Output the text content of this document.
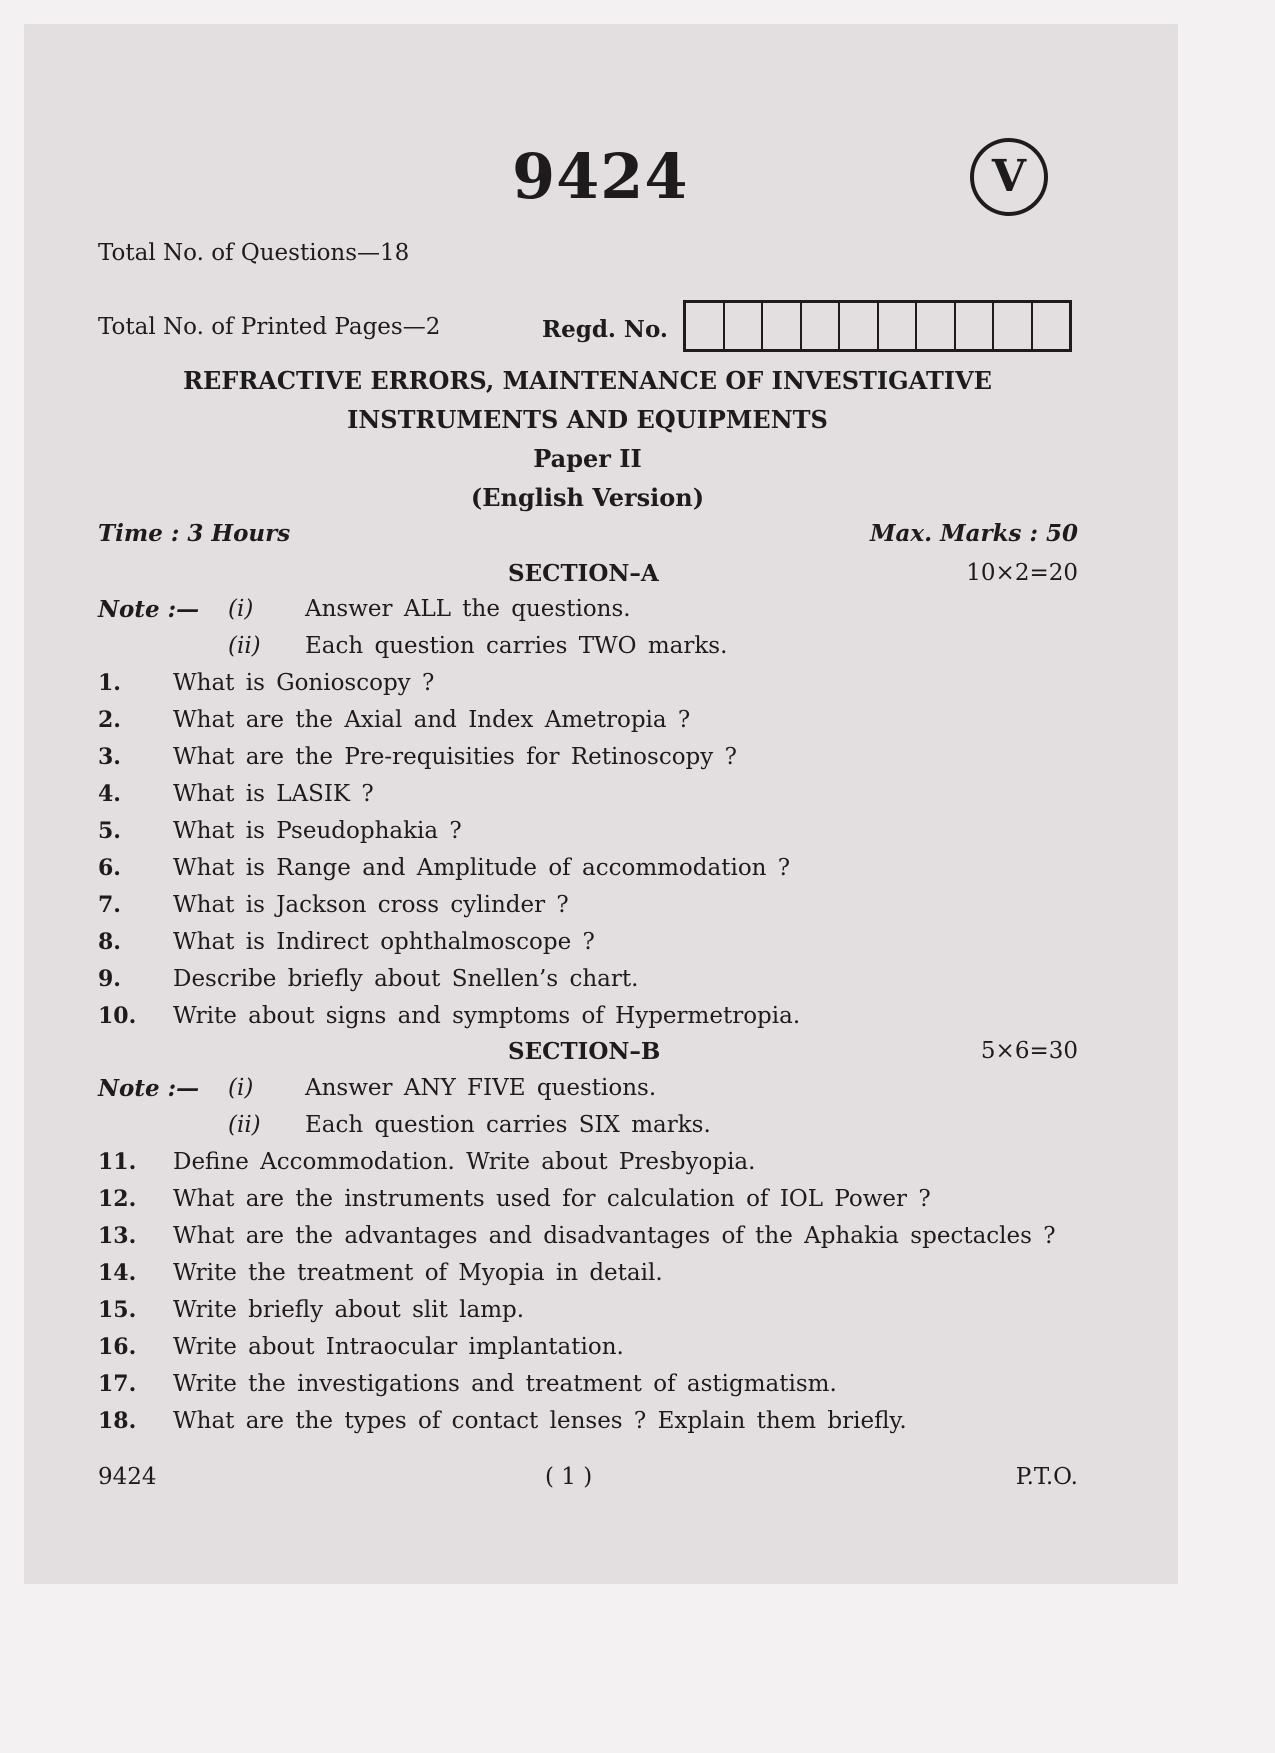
9424	V
Total No. of Questions—18
Total No. of Printed Pages—2	Regd. No.
REFRACTIVE ERRORS, MAINTENANCE OF INVESTIGATIVE
INSTRUMENTS AND EQUIPMENTS
Paper II
(English Version)
Time : 3 Hours	Max. Marks : 50
SECTION–A	10×2=20
Note :— (i) Answer ALL the questions.
(ii) Each question carries TWO marks.
1. What is Gonioscopy ?
2. What are the Axial and Index Ametropia ?
3. What are the Pre-requisities for Retinoscopy ?
4. What is LASIK ?
5. What is Pseudophakia ?
6. What is Range and Amplitude of accommodation ?
7. What is Jackson cross cylinder ?
8. What is Indirect ophthalmoscope ?
9. Describe briefly about Snellen’s chart.
10. Write about signs and symptoms of Hypermetropia.
SECTION–B	5×6=30
Note :— (i) Answer ANY FIVE questions.
(ii) Each question carries SIX marks.
11. Define Accommodation. Write about Presbyopia.
12. What are the instruments used for calculation of IOL Power ?
13. What are the advantages and disadvantages of the Aphakia spectacles ?
14. Write the treatment of Myopia in detail.
15. Write briefly about slit lamp.
16. Write about Intraocular implantation.
17. Write the investigations and treatment of astigmatism.
18. What are the types of contact lenses ? Explain them briefly.
9424	( 1 )	P.T.O.
